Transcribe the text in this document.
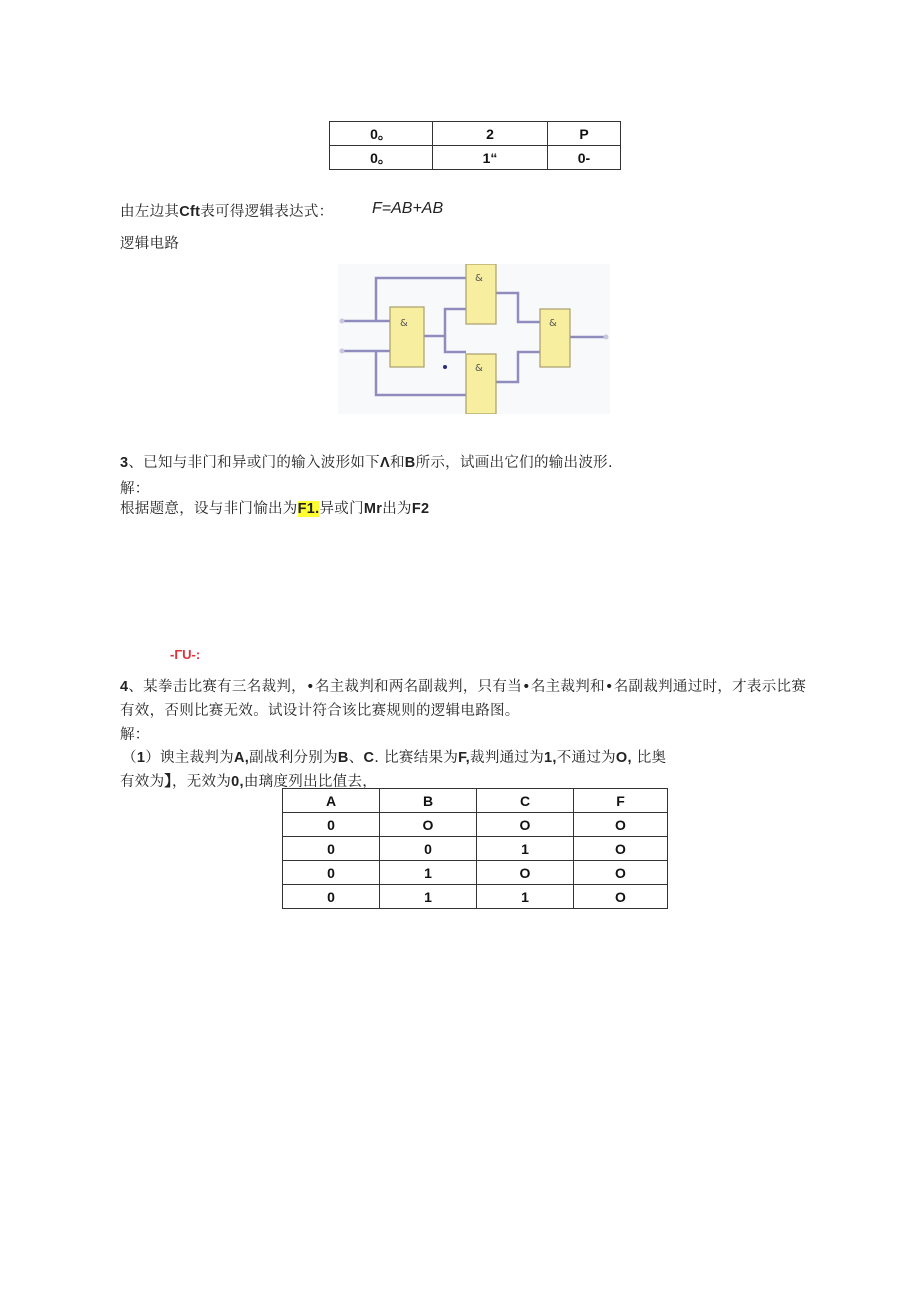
0。	2	P
0。	1“	0-
由左边其Cft表可得逻辑表达式： F=AB+AB
逻辑电路
&
&
&
&
3、已知与非门和异或门的输入波形如下Λ和B所示，试画出它们的输出波形.
解：
根据题意，设与非门愉出为F1.异或门Mr出为F2
-ΓU-:
4、某拳击比赛有三名裁判，•名主裁判和两名副裁判，只有当•名主裁判和•名副裁判通过时，才表示比赛
有效，否则比赛无效。试设计符合该比赛规则的逻辑电路图。
解：
（1）谀主裁判为A,副战利分别为B、C. 比赛结果为F,裁判通过为1,不通过为O, 比奥
有效为】，无效为0,由璃度列出比值去，
A	B	C	F
0	O	O	O
0	0	1	O
0	1	O	O
0	1	1	O
